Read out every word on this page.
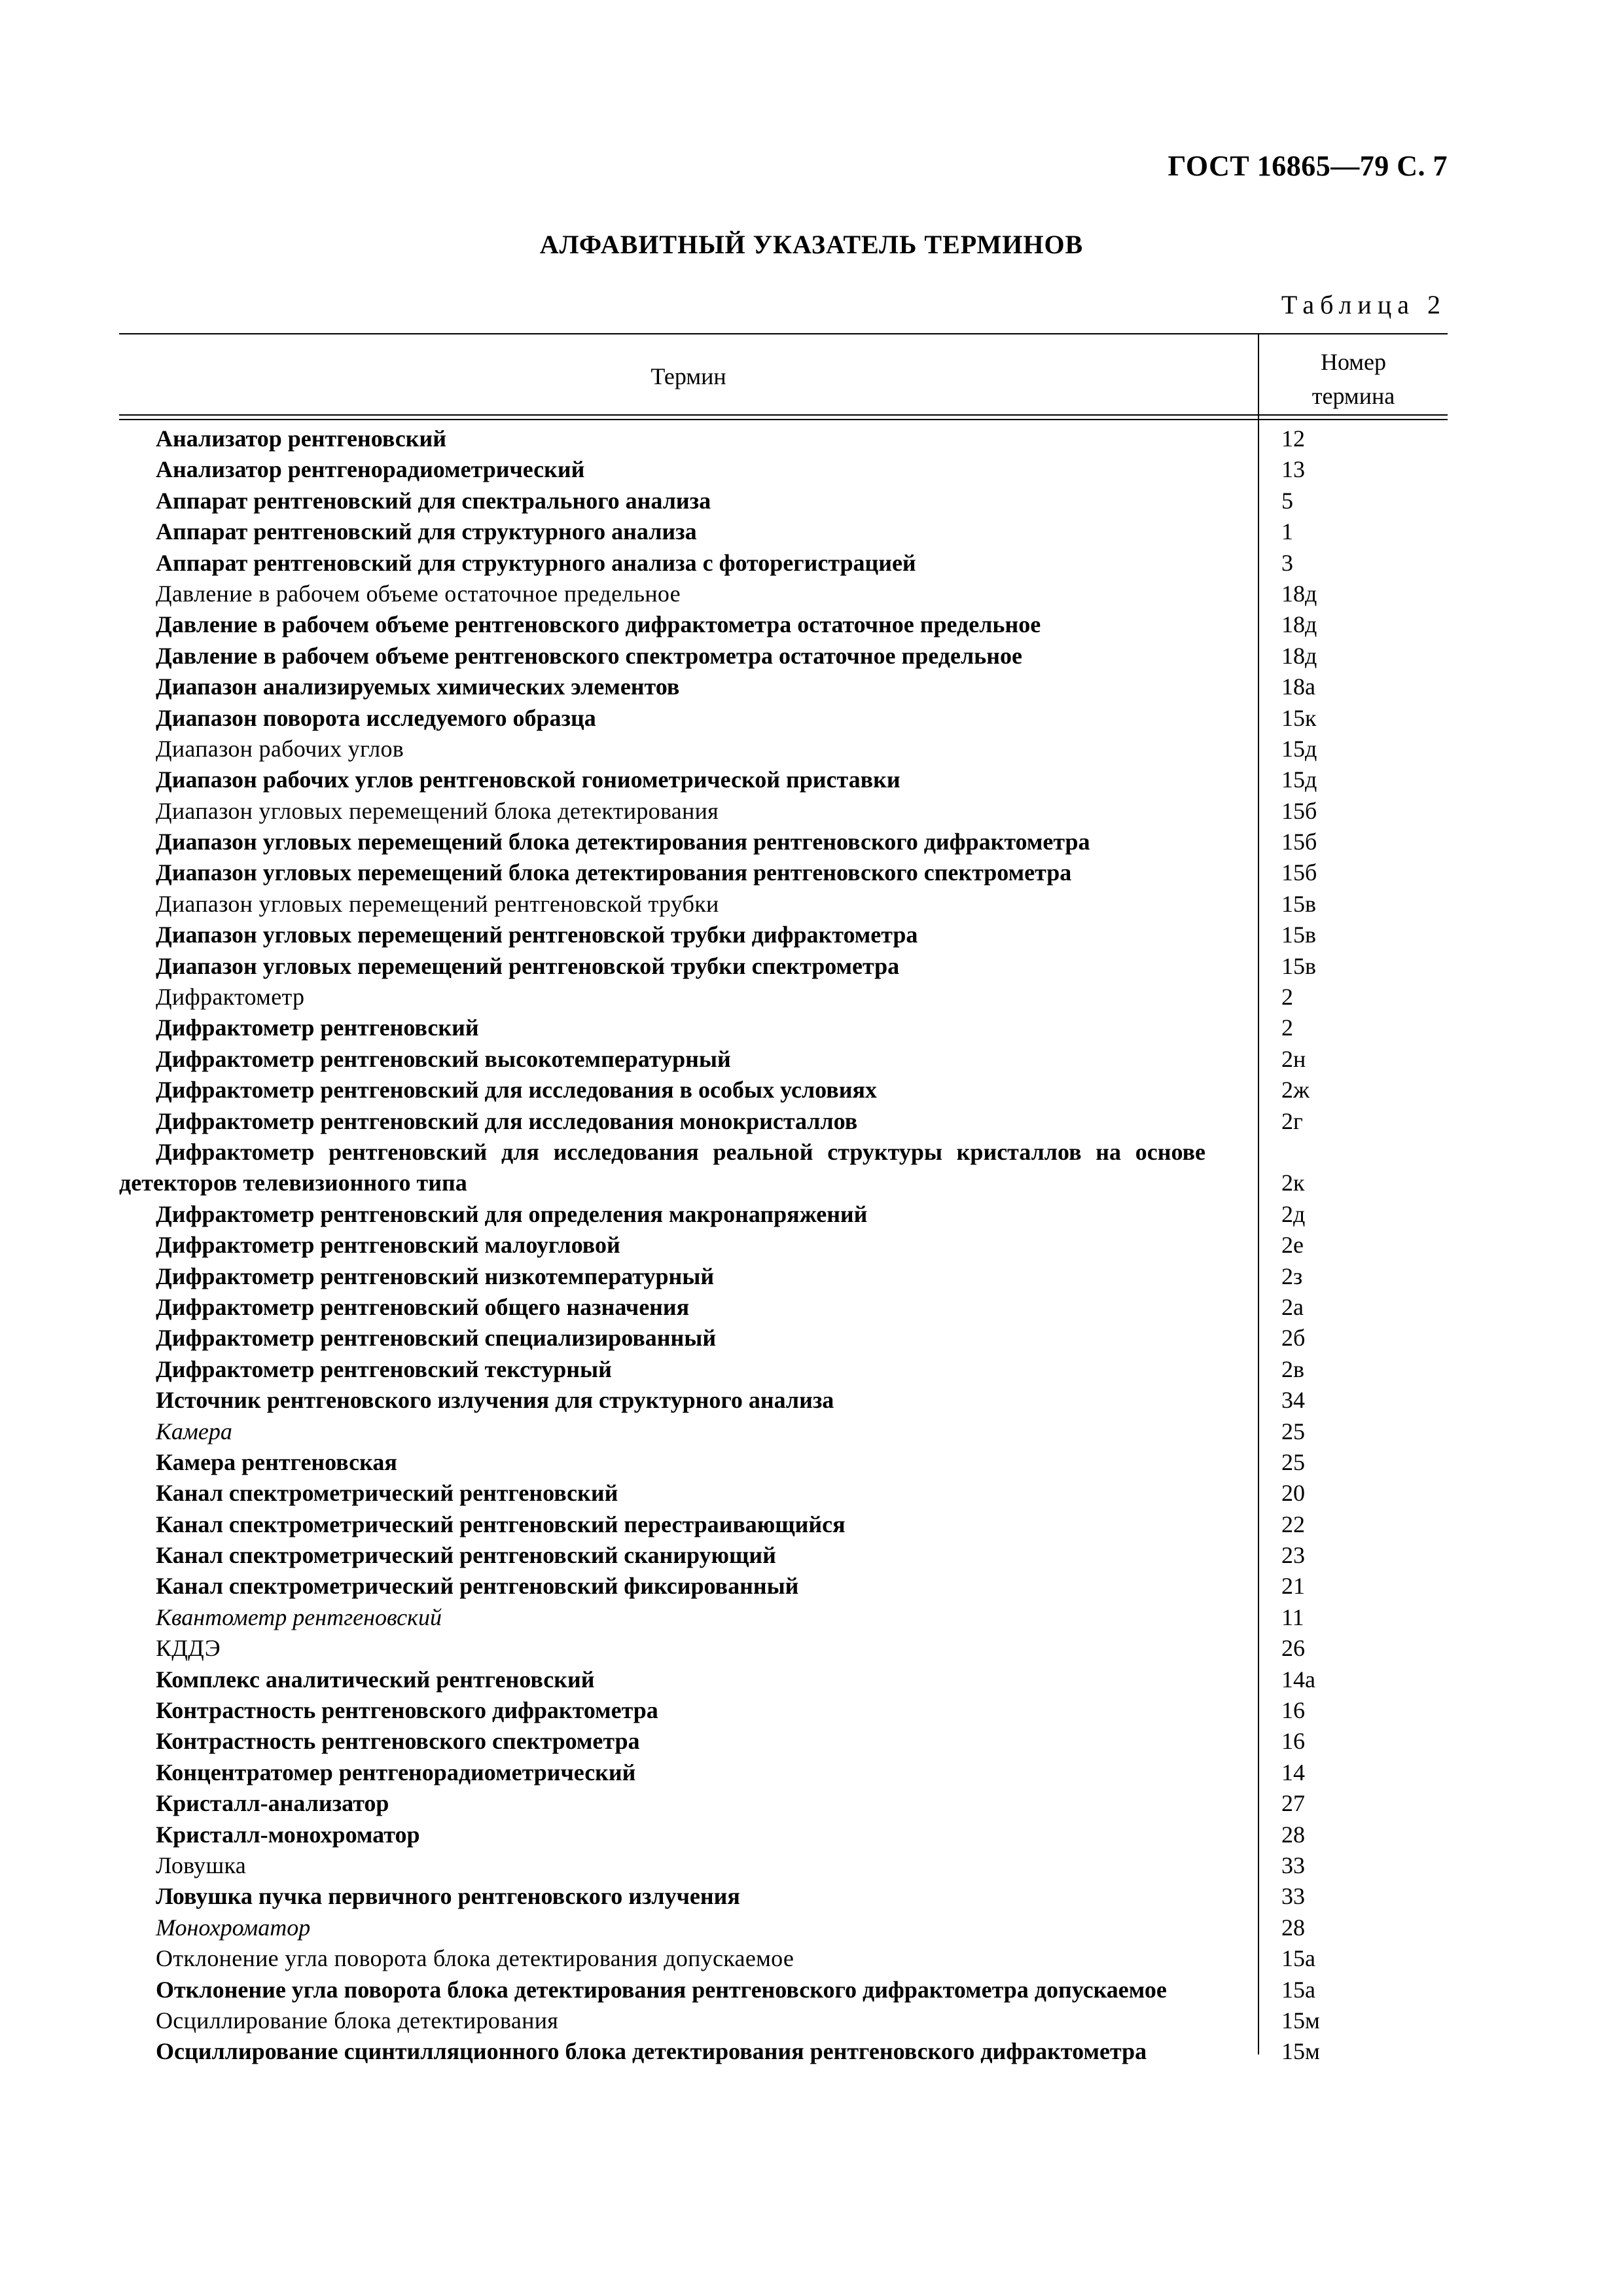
ГОСТ 16865—79 С. 7
АЛФАВИТНЫЙ УКАЗАТЕЛЬ ТЕРМИНОВ
Таблица 2
Термин
Номер
термина
Анализатор рентгеновский	12
Анализатор рентгенорадиометрический	13
Аппарат рентгеновский для спектрального анализа	5
Аппарат рентгеновский для структурного анализа	1
Аппарат рентгеновский для структурного анализа с фоторегистрацией	3
Давление в рабочем объеме остаточное предельное	18д
Давление в рабочем объеме рентгеновского дифрактометра остаточное предельное	18д
Давление в рабочем объеме рентгеновского спектрометра остаточное предельное	18д
Диапазон анализируемых химических элементов	18а
Диапазон поворота исследуемого образца	15к
Диапазон рабочих углов	15д
Диапазон рабочих углов рентгеновской гониометрической приставки	15д
Диапазон угловых перемещений блока детектирования	15б
Диапазон угловых перемещений блока детектирования рентгеновского дифрактометра	15б
Диапазон угловых перемещений блока детектирования рентгеновского спектрометра	15б
Диапазон угловых перемещений рентгеновской трубки	15в
Диапазон угловых перемещений рентгеновской трубки дифрактометра	15в
Диапазон угловых перемещений рентгеновской трубки спектрометра	15в
Дифрактометр	2
Дифрактометр рентгеновский	2
Дифрактометр рентгеновский высокотемпературный	2н
Дифрактометр рентгеновский для исследования в особых условиях	2ж
Дифрактометр рентгеновский для исследования монокристаллов	2г
Дифрактометр рентгеновский для исследования реальной структуры кристаллов на основе детекторов телевизионного типа	2к
Дифрактометр рентгеновский для определения макронапряжений	2д
Дифрактометр рентгеновский малоугловой	2е
Дифрактометр рентгеновский низкотемпературный	2з
Дифрактометр рентгеновский общего назначения	2а
Дифрактометр рентгеновский специализированный	2б
Дифрактометр рентгеновский текстурный	2в
Источник рентгеновского излучения для структурного анализа	34
Камера	25
Камера рентгеновская	25
Канал спектрометрический рентгеновский	20
Канал спектрометрический рентгеновский перестраивающийся	22
Канал спектрометрический рентгеновский сканирующий	23
Канал спектрометрический рентгеновский фиксированный	21
Квантометр рентгеновский	11
КДДЭ	26
Комплекс аналитический рентгеновский	14а
Контрастность рентгеновского дифрактометра	16
Контрастность рентгеновского спектрометра	16
Концентратомер рентгенорадиометрический	14
Кристалл-анализатор	27
Кристалл-монохроматор	28
Ловушка	33
Ловушка пучка первичного рентгеновского излучения	33
Монохроматор	28
Отклонение угла поворота блока детектирования допускаемое	15а
Отклонение угла поворота блока детектирования рентгеновского дифрактометра допускаемое	15а
Осциллирование блока детектирования	15м
Осциллирование сцинтилляционного блока детектирования рентгеновского дифрактометра	15м
